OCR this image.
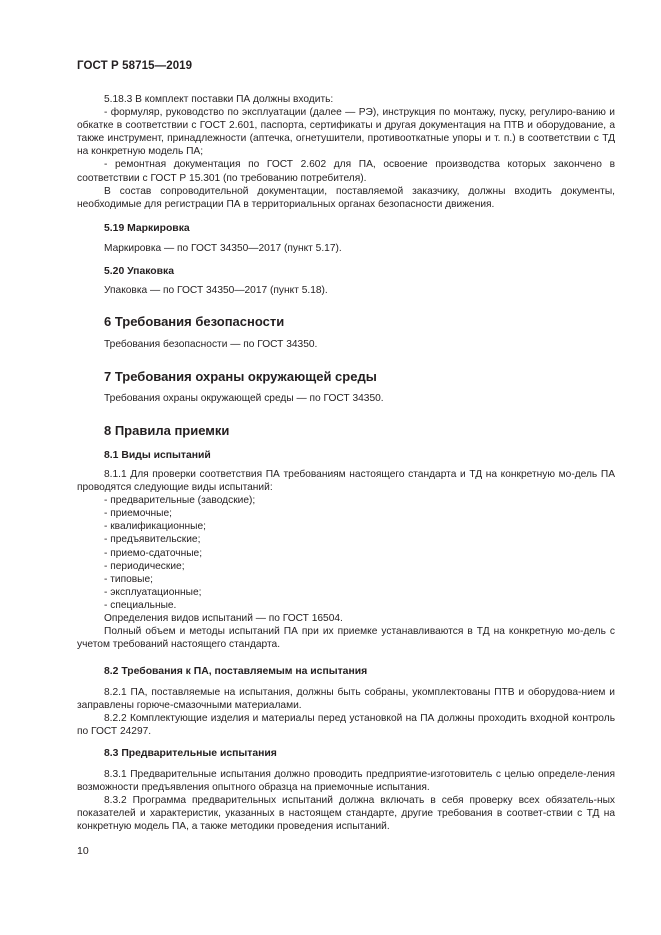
ГОСТ Р 58715—2019

5.18.3 В комплект поставки ПА должны входить:

- формуляр, руководство по эксплуатации (далее — РЭ), инструкция по монтажу, пуску, регулиро-ванию и обкатке в соответствии с ГОСТ 2.601, паспорта, сертификаты и другая документация на ПТВ и оборудование, а также инструмент, принадлежности (аптечка, огнетушители, противооткатные упоры и т. п.) в соответствии с ТД на конкретную модель ПА;

- ремонтная документация по ГОСТ 2.602 для ПА, освоение производства которых закончено в соответствии с ГОСТ Р 15.301 (по требованию потребителя).

В состав сопроводительной документации, поставляемой заказчику, должны входить документы, необходимые для регистрации ПА в территориальных органах безопасности движения.

5.19 Маркировка
Маркировка — по ГОСТ 34350—2017 (пункт 5.17).
5.20 Упаковка
Упаковка — по ГОСТ 34350—2017 (пункт 5.18).
6 Требования безопасности
Требования безопасности — по ГОСТ 34350.
7 Требования охраны окружающей среды
Требования охраны окружающей среды — по ГОСТ 34350.
8 Правила приемки
8.1 Виды испытаний

8.1.1 Для проверки соответствия ПА требованиям настоящего стандарта и ТД на конкретную мо-дель ПА проводятся следующие виды испытаний:

- предварительные (заводские);

- приемочные;

- квалификационные;

- предъявительские;

- приемо-сдаточные;

- периодические;

- типовые;

- эксплуатационные;

- специальные.

Определения видов испытаний — по ГОСТ 16504.

Полный объем и методы испытаний ПА при их приемке устанавливаются в ТД на конкретную мо-дель с учетом требований настоящего стандарта.

8.2 Требования к ПА, поставляемым на испытания

8.2.1 ПА, поставляемые на испытания, должны быть собраны, укомплектованы ПТВ и оборудова-нием и заправлены горюче-смазочными материалами.

8.2.2 Комплектующие изделия и материалы перед установкой на ПА должны проходить входной контроль по ГОСТ 24297.

8.3 Предварительные испытания

8.3.1 Предварительные испытания должно проводить предприятие-изготовитель с целью определе-ления возможности предъявления опытного образца на приемочные испытания.

8.3.2 Программа предварительных испытаний должна включать в себя проверку всех обязатель-ных показателей и характеристик, указанных в настоящем стандарте, другие требования в соответ-ствии с ТД на конкретную модель ПА, а также методики проведения испытаний.

10
